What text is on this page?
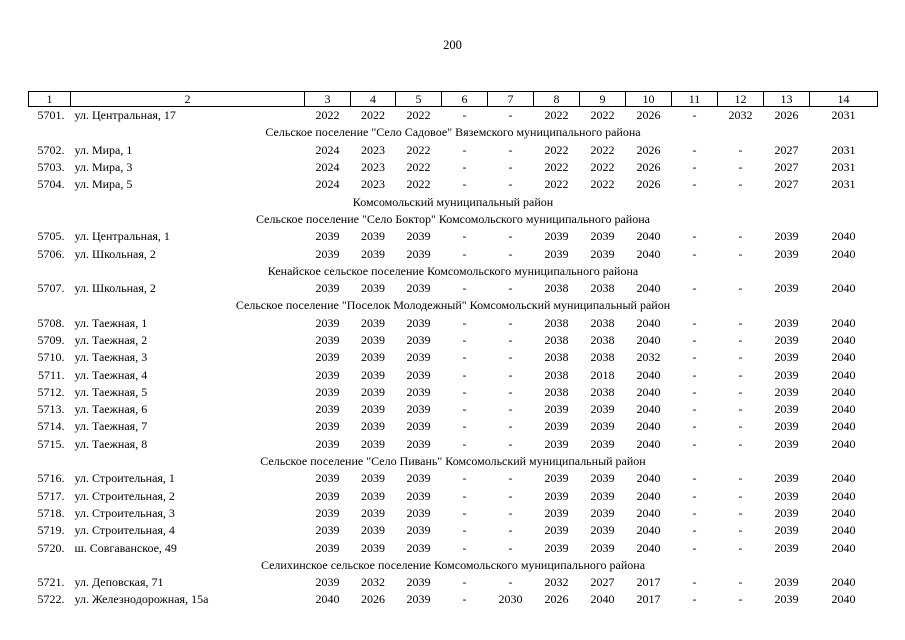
200
1	2	3	4	5	6	7	8	9	10	11	12	13	14
5701.	ул. Центральная, 17	2022	2022	2022	-	-	2022	2022	2026	-	2032	2026	2031
Сельское поселение "Село Садовое" Вяземского муниципального района													
5702.	ул. Мира, 1	2024	2023	2022	-	-	2022	2022	2026	-	-	2027	2031
5703.	ул. Мира, 3	2024	2023	2022	-	-	2022	2022	2026	-	-	2027	2031
5704.	ул. Мира, 5	2024	2023	2022	-	-	2022	2022	2026	-	-	2027	2031
Комсомольский муниципальный район													
Сельское поселение "Село Боктор" Комсомольского муниципального района													
5705.	ул. Центральная, 1	2039	2039	2039	-	-	2039	2039	2040	-	-	2039	2040
5706.	ул. Школьная, 2	2039	2039	2039	-	-	2039	2039	2040	-	-	2039	2040
Кенайское сельское поселение Комсомольского муниципального района													
5707.	ул. Школьная, 2	2039	2039	2039	-	-	2038	2038	2040	-	-	2039	2040
Сельское поселение "Поселок Молодежный" Комсомольский муниципальный район													
5708.	ул. Таежная, 1	2039	2039	2039	-	-	2038	2038	2040	-	-	2039	2040
5709.	ул. Таежная, 2	2039	2039	2039	-	-	2038	2038	2040	-	-	2039	2040
5710.	ул. Таежная, 3	2039	2039	2039	-	-	2038	2038	2032	-	-	2039	2040
5711.	ул. Таежная, 4	2039	2039	2039	-	-	2038	2018	2040	-	-	2039	2040
5712.	ул. Таежная, 5	2039	2039	2039	-	-	2038	2038	2040	-	-	2039	2040
5713.	ул. Таежная, 6	2039	2039	2039	-	-	2039	2039	2040	-	-	2039	2040
5714.	ул. Таежная, 7	2039	2039	2039	-	-	2039	2039	2040	-	-	2039	2040
5715.	ул. Таежная, 8	2039	2039	2039	-	-	2039	2039	2040	-	-	2039	2040
Сельское поселение "Село Пивань" Комсомольский муниципальный район													
5716.	ул. Строительная, 1	2039	2039	2039	-	-	2039	2039	2040	-	-	2039	2040
5717.	ул. Строительная, 2	2039	2039	2039	-	-	2039	2039	2040	-	-	2039	2040
5718.	ул. Строительная, 3	2039	2039	2039	-	-	2039	2039	2040	-	-	2039	2040
5719.	ул. Строительная, 4	2039	2039	2039	-	-	2039	2039	2040	-	-	2039	2040
5720.	ш. Совгаванское, 49	2039	2039	2039	-	-	2039	2039	2040	-	-	2039	2040
Селихинское сельское поселение Комсомольского муниципального района													
5721.	ул. Деповская, 71	2039	2032	2039	-	-	2032	2027	2017	-	-	2039	2040
5722.	ул. Железнодорожная, 15а	2040	2026	2039	-	2030	2026	2040	2017	-	-	2039	2040
